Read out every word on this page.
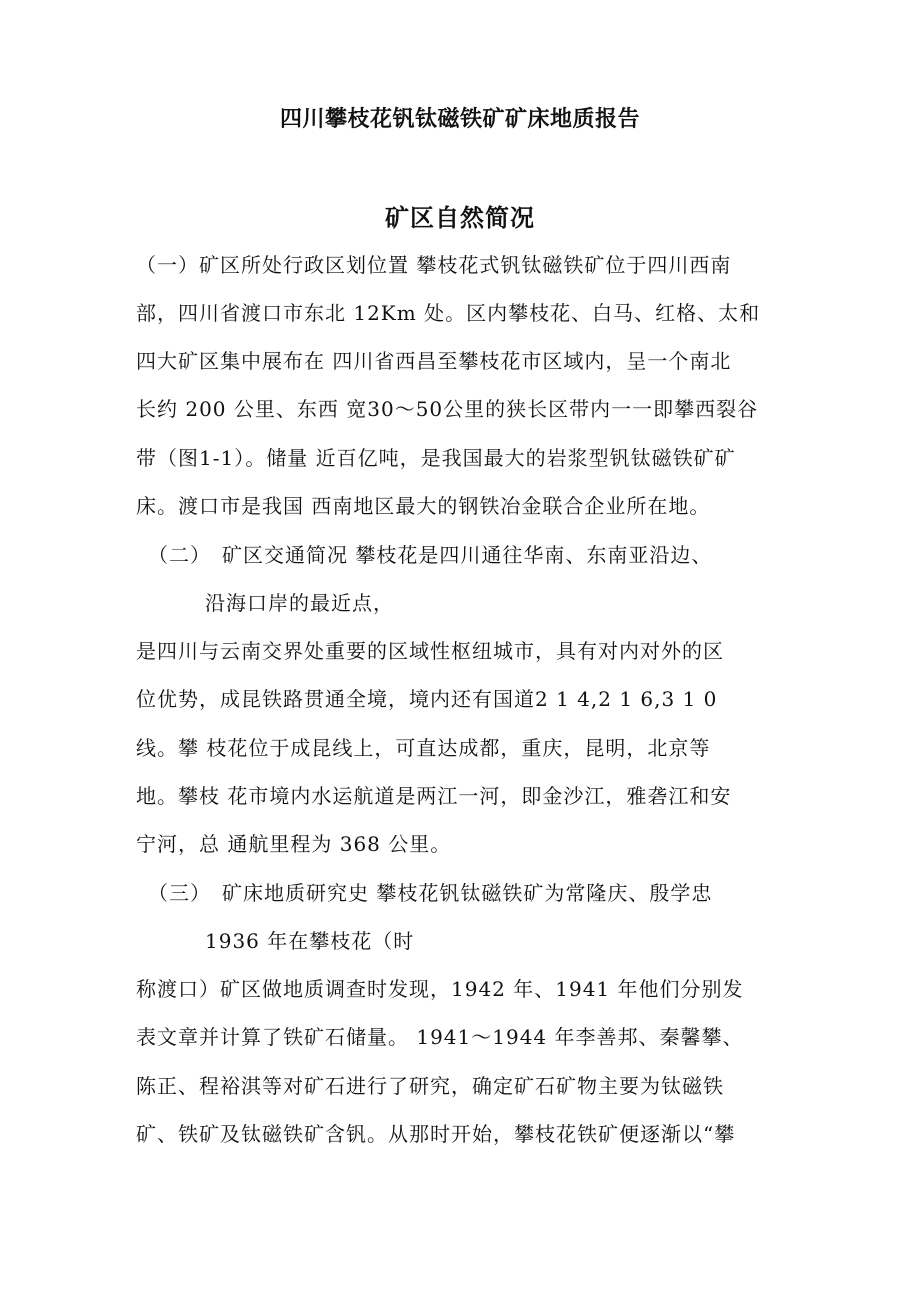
四川攀枝花钒钛磁铁矿矿床地质报告
矿区自然简况
（一）矿区所处行政区划位置 攀枝花式钒钛磁铁矿位于四川西南
部，四川省渡口市东北 12Km 处。区内攀枝花、白马、红格、太和
四大矿区集中展布在 四川省西昌至攀枝花市区域内，呈一个南北
长约 200 公里、东西 宽30〜50公里的狭长区带内一一即攀西裂谷
带（图1-1）。储量 近百亿吨，是我国最大的岩浆型钒钛磁铁矿矿
床。渡口市是我国 西南地区最大的钢铁冶金联合企业所在地。
（二）　矿区交通简况 攀枝花是四川通往华南、东南亚沿边、
沿海口岸的最近点，
是四川与云南交界处重要的区域性枢纽城市，具有对内对外的区
位优势，成昆铁路贯通全境，境内还有国道2 1 4,2 1 6,3 1 0
线。攀 枝花位于成昆线上，可直达成都，重庆，昆明，北京等
地。攀枝 花市境内水运航道是两江一河，即金沙江，雅砻江和安
宁河，总 通航里程为 368 公里。
（三）　矿床地质研究史 攀枝花钒钛磁铁矿为常隆庆、殷学忠
1936 年在攀枝花（时
称渡口）矿区做地质调查时发现，1942 年、1941 年他们分别发
表文章并计算了铁矿石储量。 1941〜1944 年李善邦、秦馨攀、
陈正、程裕淇等对矿石进行了研究，确定矿石矿物主要为钛磁铁
矿、铁矿及钛磁铁矿含钒。从那时开始，攀枝花铁矿便逐渐以“攀
